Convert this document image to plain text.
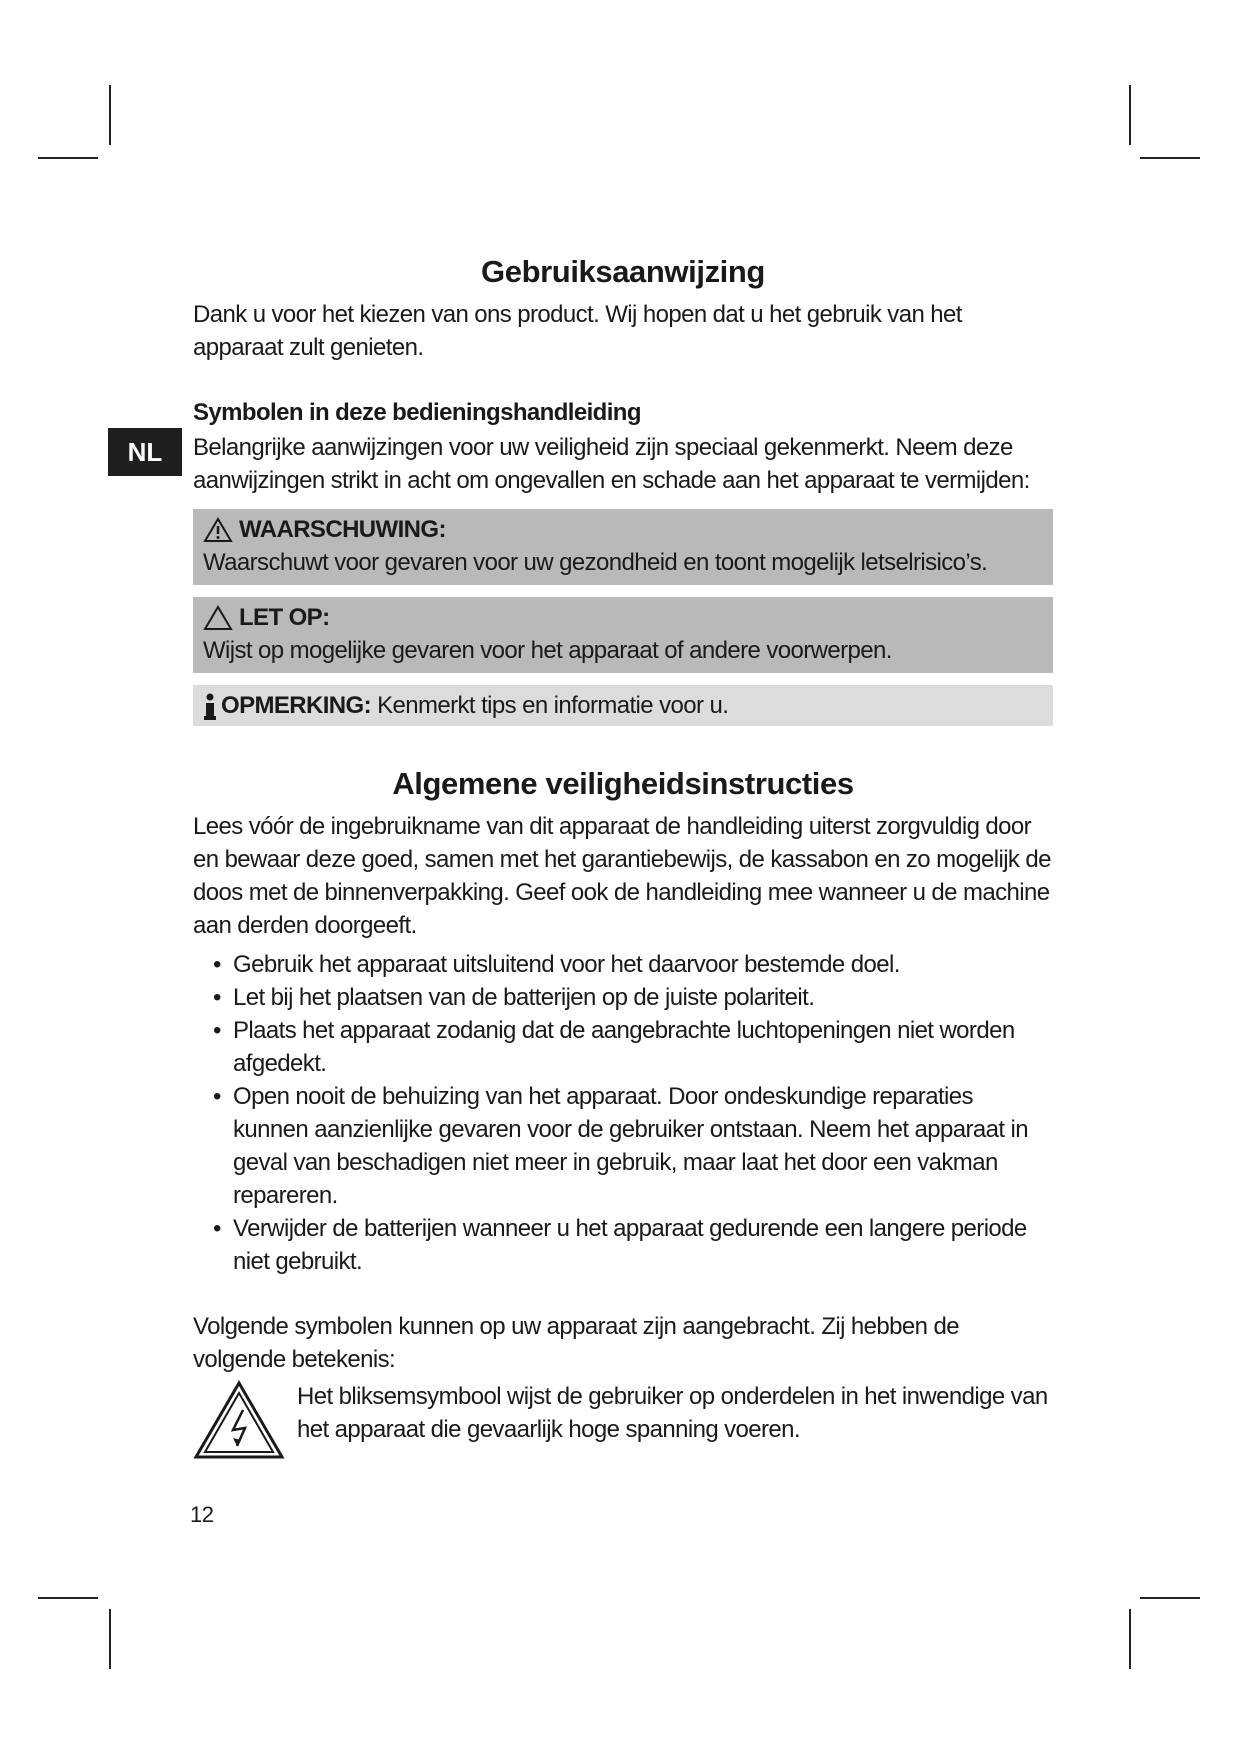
NL
Gebruiksaanwijzing

Dank u voor het kiezen van ons product. Wij hopen dat u het gebruik van het apparaat zult genieten.

Symbolen in deze bedieningshandleiding

Belangrijke aanwijzingen voor uw veiligheid zijn speciaal gekenmerkt. Neem deze aanwijzingen strikt in acht om ongevallen en schade aan het apparaat te vermijden:

WAARSCHUWING:
Waarschuwt voor gevaren voor uw gezondheid en toont mogelijk letselrisico’s.
LET OP:
Wijst op mogelijke gevaren voor het apparaat of andere voorwerpen.
OPMERKING: Kenmerkt tips en informatie voor u.
Algemene veiligheidsinstructies

Lees vóór de ingebruikname van dit apparaat de handleiding uiterst zorgvuldig door en bewaar deze goed, samen met het garantiebewijs, de kassabon en zo mogelijk de doos met de binnenverpakking. Geef ook de handleiding mee wanneer u de machine aan derden doorgeeft.

• Gebruik het apparaat uitsluitend voor het daarvoor bestemde doel.
• Let bij het plaatsen van de batterijen op de juiste polariteit.
• Plaats het apparaat zodanig dat de aangebrachte luchtopeningen niet worden afgedekt.
• Open nooit de behuizing van het apparaat. Door ondeskundige reparaties kunnen aanzienlijke gevaren voor de gebruiker ontstaan. Neem het apparaat in geval van beschadigen niet meer in gebruik, maar laat het door een vakman repareren.
• Verwijder de batterijen wanneer u het apparaat gedurende een langere periode niet gebruikt.

Volgende symbolen kunnen op uw apparaat zijn aangebracht. Zij hebben de volgende betekenis:

Het bliksemsymbool wijst de gebruiker op onderdelen in het inwendige van het apparaat die gevaarlijk hoge spanning voeren.

12
